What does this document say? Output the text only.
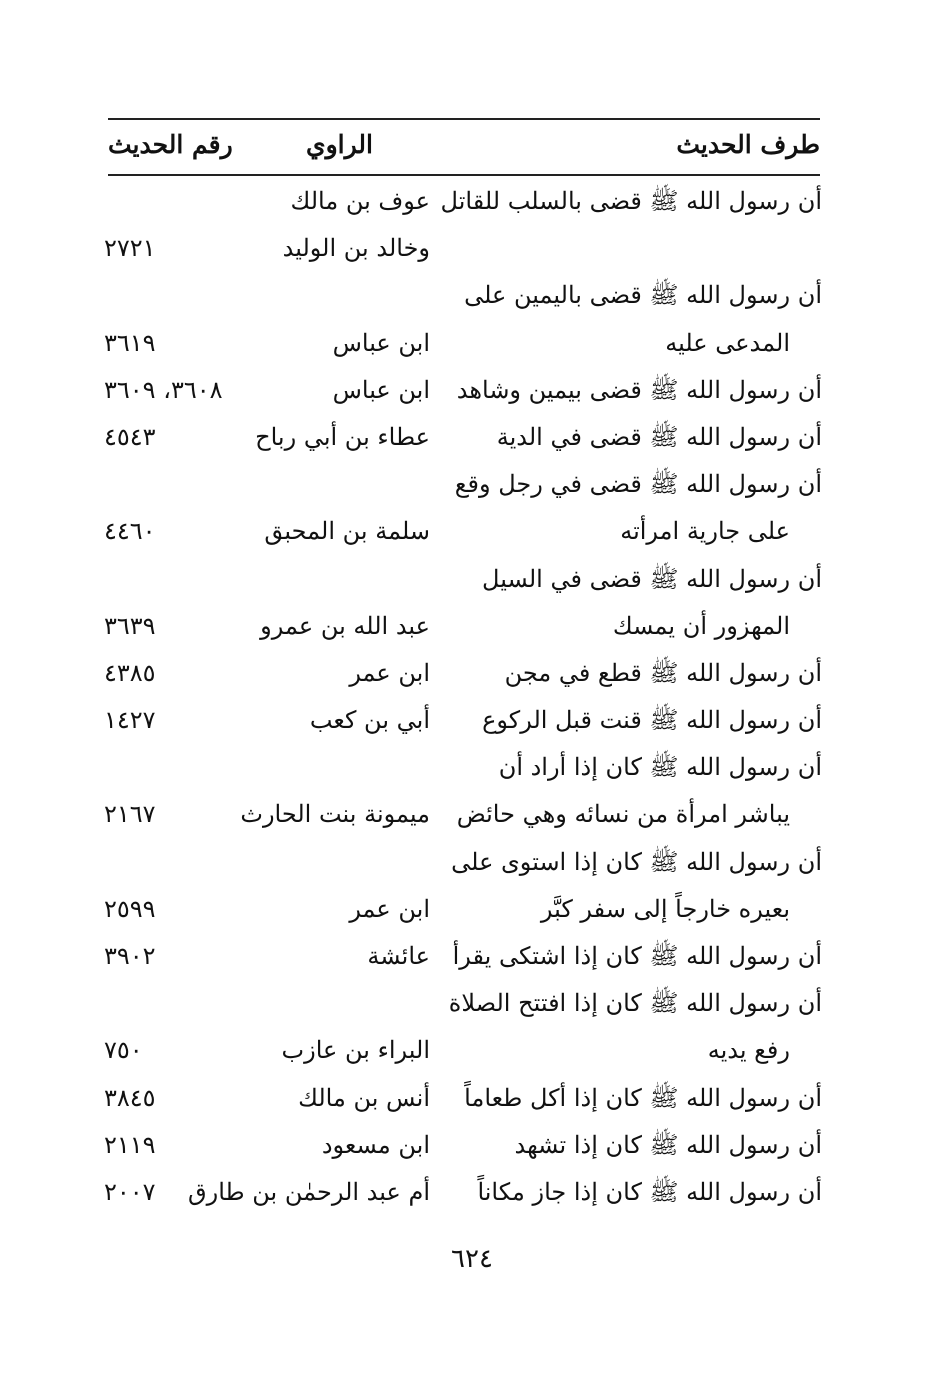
طرف الحديث
الراوي
رقم الحديث
أن رسول الله ﷺ قضى بالسلب للقاتل
عوف بن مالك
وخالد بن الوليد
٢٧٢١
أن رسول الله ﷺ قضى باليمين على
المدعى عليه
ابن عباس
٣٦١٩
أن رسول الله ﷺ قضى بيمين وشاهد
ابن عباس
٣٦٠٨، ٣٦٠٩
أن رسول الله ﷺ قضى في الدية
عطاء بن أبي رباح
٤٥٤٣
أن رسول الله ﷺ قضى في رجل وقع
على جارية امرأته
سلمة بن المحبق
٤٤٦٠
أن رسول الله ﷺ قضى في السيل
المهزور أن يمسك
عبد الله بن عمرو
٣٦٣٩
أن رسول الله ﷺ قطع في مجن
ابن عمر
٤٣٨٥
أن رسول الله ﷺ قنت قبل الركوع
أبي بن كعب
١٤٢٧
أن رسول الله ﷺ كان إذا أراد أن
يباشر امرأة من نسائه وهي حائض
ميمونة بنت الحارث
٢١٦٧
أن رسول الله ﷺ كان إذا استوى على
بعيره خارجاً إلى سفر كبَّر
ابن عمر
٢٥٩٩
أن رسول الله ﷺ كان إذا اشتكى يقرأ
عائشة
٣٩٠٢
أن رسول الله ﷺ كان إذا افتتح الصلاة
رفع يديه
البراء بن عازب
٧٥٠
أن رسول الله ﷺ كان إذا أكل طعاماً
أنس بن مالك
٣٨٤٥
أن رسول الله ﷺ كان إذا تشهد
ابن مسعود
٢١١٩
أن رسول الله ﷺ كان إذا جاز مكاناً
أم عبد الرحمٰن بن طارق
٢٠٠٧
٦٢٤
